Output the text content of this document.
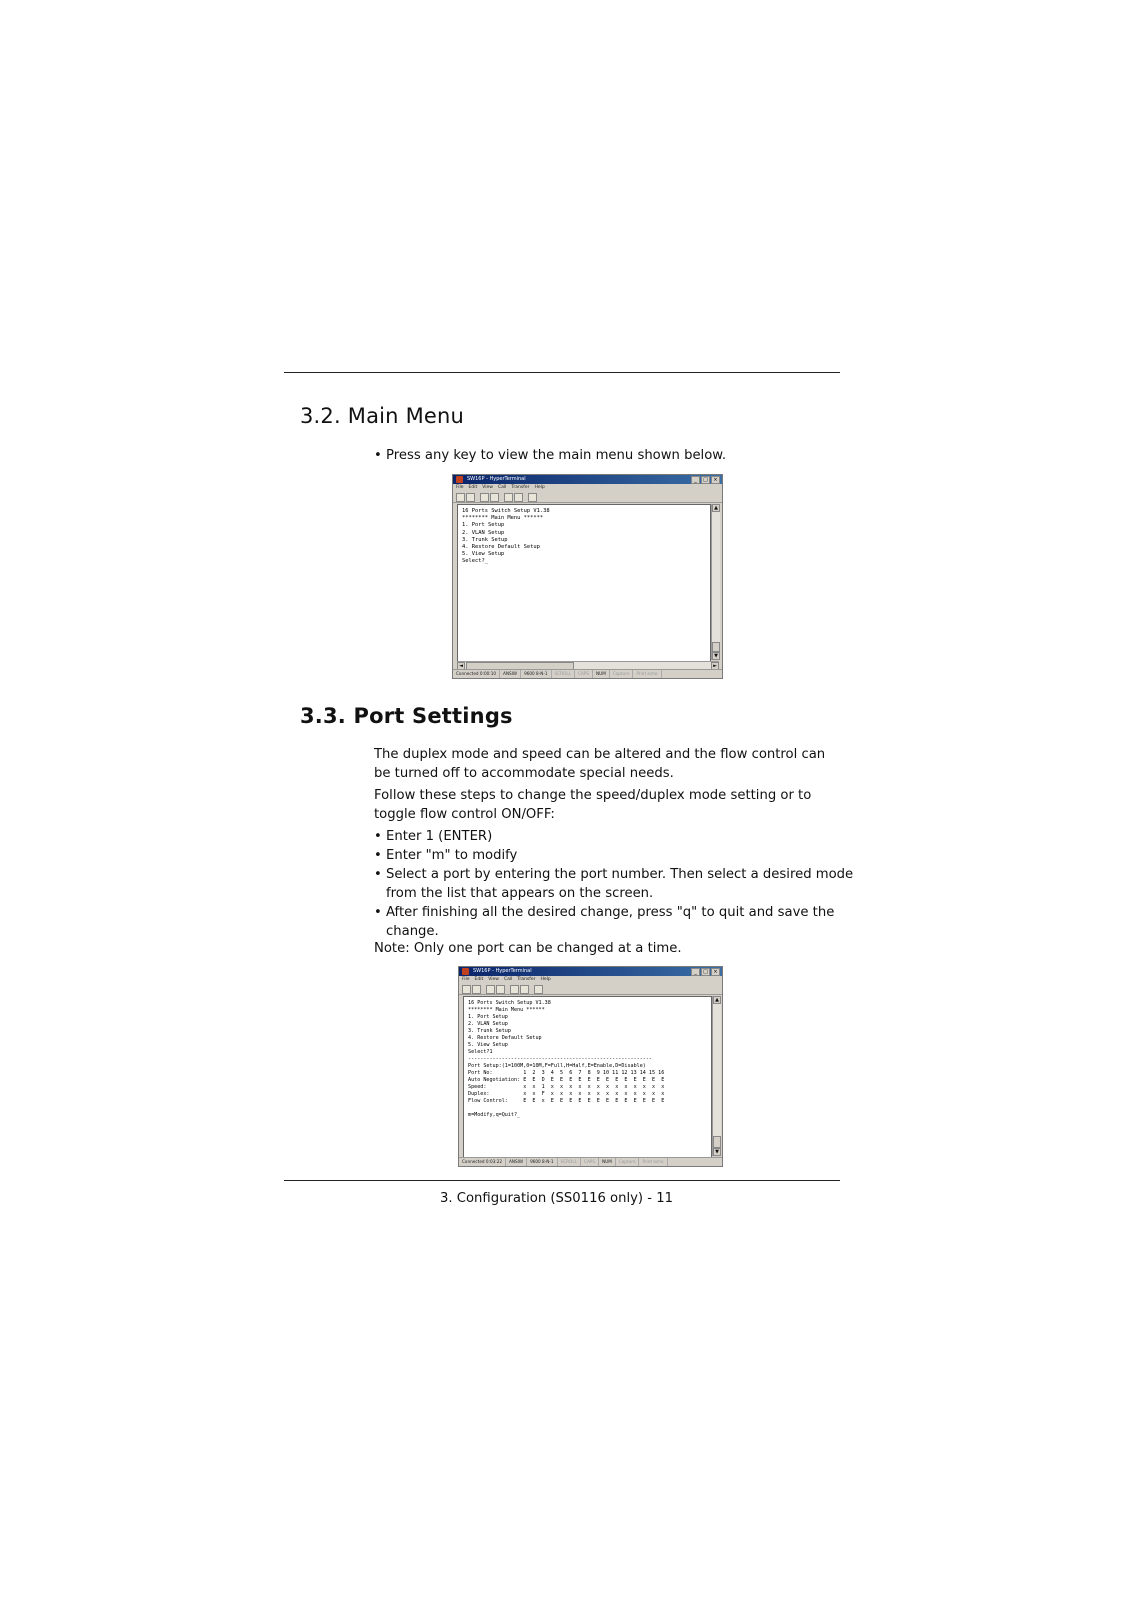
3.2. Main Menu
• Press any key to view the main menu shown below.
SW16P - HyperTerminal	_	□	×
File Edit View Call Transfer Help
16 Ports Switch Setup V1.38
******** Main Menu ******
1. Port Setup
2. VLAN Setup
3. Trunk Setup
4. Restore Default Setup
5. View Setup
Select?_
▲
▼
◄	►
Connected 0:00:10	ANSIW	9600 8-N-1	SCROLL	CAPS	NUM	Capture	Print echo
3.3. Port Settings
The duplex mode and speed can be altered and the flow control can be turned off to accommodate special needs.
Follow these steps to change the speed/duplex mode setting or to toggle flow control ON/OFF:
• Enter 1 (ENTER)
• Enter "m" to modify
• Select a port by entering the port number. Then select a desired mode from the list that appears on the screen.
• After finishing all the desired change, press "q" to quit and save the change.
Note: Only one port can be changed at a time.
SW16P - HyperTerminal	_	□	×
File Edit View Call Transfer Help
16 Ports Switch Setup V1.38
******** Main Menu ******
1. Port Setup
2. VLAN Setup
3. Trunk Setup
4. Restore Default Setup
5. View Setup
Select?1
------------------------------------------------------------
Port Setup:(1=100M,0=10M,F=Full,H=Half,E=Enable,D=Disable)
Port No:          1  2  3  4  5  6  7  8  9 10 11 12 13 14 15 16
Auto Negotiation: E  E  D  E  E  E  E  E  E  E  E  E  E  E  E  E
Speed:            x  x  1  x  x  x  x  x  x  x  x  x  x  x  x  x
Duplex:           x  x  F  x  x  x  x  x  x  x  x  x  x  x  x  x
Flow Control:     E  E  x  E  E  E  E  E  E  E  E  E  E  E  E  E

m=Modify,q=Quit?_
▲
▼
Connected 0:03:22	ANSIW	9600 8-N-1	SCROLL	CAPS	NUM	Capture	Print echo
3. Configuration (SS0116 only) - 11
